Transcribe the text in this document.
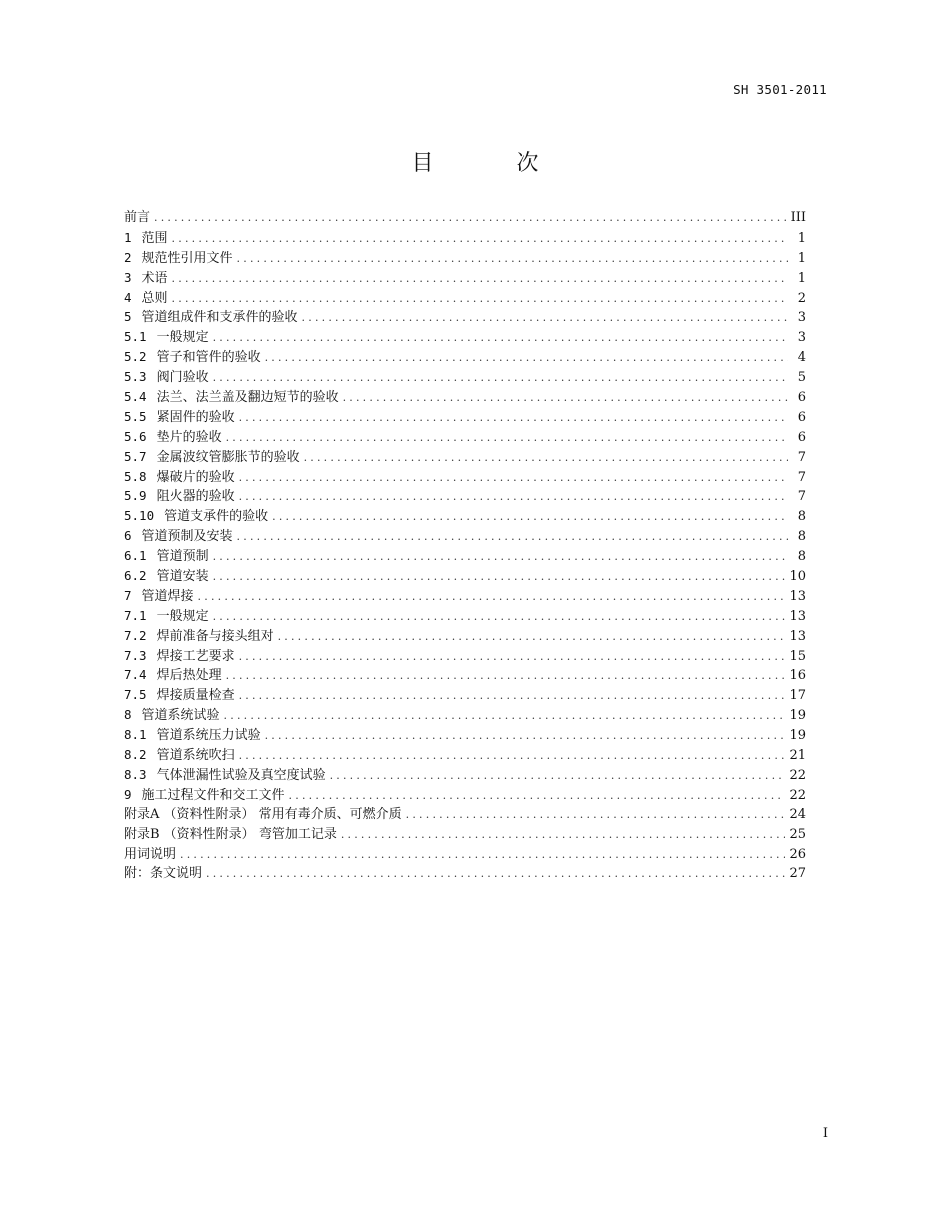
SH 3501-2011
目 次
前言 .....	III
1 范围 .....	1
2 规范性引用文件 .....	1
3 术语 .....	1
4 总则 .....	2
5 管道组成件和支承件的验收 .....	3
5.1 一般规定 .....	3
5.2 管子和管件的验收 .....	4
5.3 阀门验收 .....	5
5.4 法兰、法兰盖及翻边短节的验收 .....	6
5.5 紧固件的验收 .....	6
5.6 垫片的验收 .....	6
5.7 金属波纹管膨胀节的验收 .....	7
5.8 爆破片的验收 .....	7
5.9 阻火器的验收 .....	7
5.10 管道支承件的验收 .....	8
6 管道预制及安装 .....	8
6.1 管道预制 .....	8
6.2 管道安装 .....	10
7 管道焊接 .....	13
7.1 一般规定 .....	13
7.2 焊前准备与接头组对 .....	13
7.3 焊接工艺要求 .....	15
7.4 焊后热处理 .....	16
7.5 焊接质量检查 .....	17
8 管道系统试验 .....	19
8.1 管道系统压力试验 .....	19
8.2 管道系统吹扫 .....	21
8.3 气体泄漏性试验及真空度试验 .....	22
9 施工过程文件和交工文件 .....	22
附录A （资料性附录） 常用有毒介质、可燃介质 .....	24
附录B （资料性附录） 弯管加工记录 .....	25
用词说明 .....	26
附：条文说明 .....	27
I
